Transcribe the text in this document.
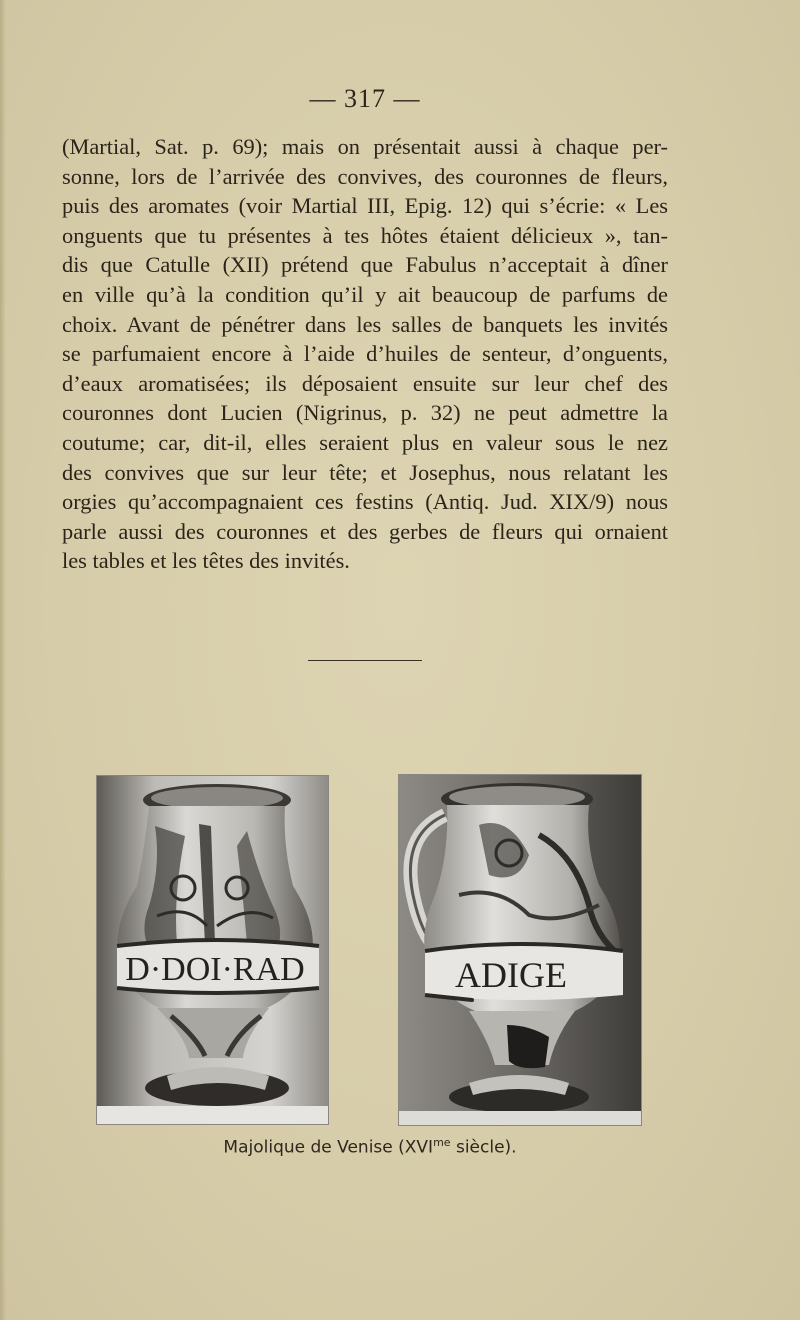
— 317 —
(Martial, Sat. p. 69); mais on présentait aussi à chaque per-
sonne, lors de l’arrivée des convives, des couronnes de fleurs,
puis des aromates (voir Martial III, Epig. 12) qui s’écrie: « Les
onguents que tu présentes à tes hôtes étaient délicieux », tan-
dis que Catulle (XII) prétend que Fabulus n’acceptait à dîner
en ville qu’à la condition qu’il y ait beaucoup de parfums de
choix. Avant de pénétrer dans les salles de banquets les invités
se parfumaient encore à l’aide d’huiles de senteur, d’onguents,
d’eaux aromatisées; ils déposaient ensuite sur leur chef des
couronnes dont Lucien (Nigrinus, p. 32) ne peut admettre la
coutume; car, dit-il, elles seraient plus en valeur sous le nez
des convives que sur leur tête; et Josephus, nous relatant les
orgies qu’accompagnaient ces festins (Antiq. Jud. XIX/9) nous
parle aussi des couronnes et des gerbes de fleurs qui ornaient
les tables et les têtes des invités.
D·DOI·RAD	ADIGE
Majolique de Venise ($XVI^{me}$ siècle).
